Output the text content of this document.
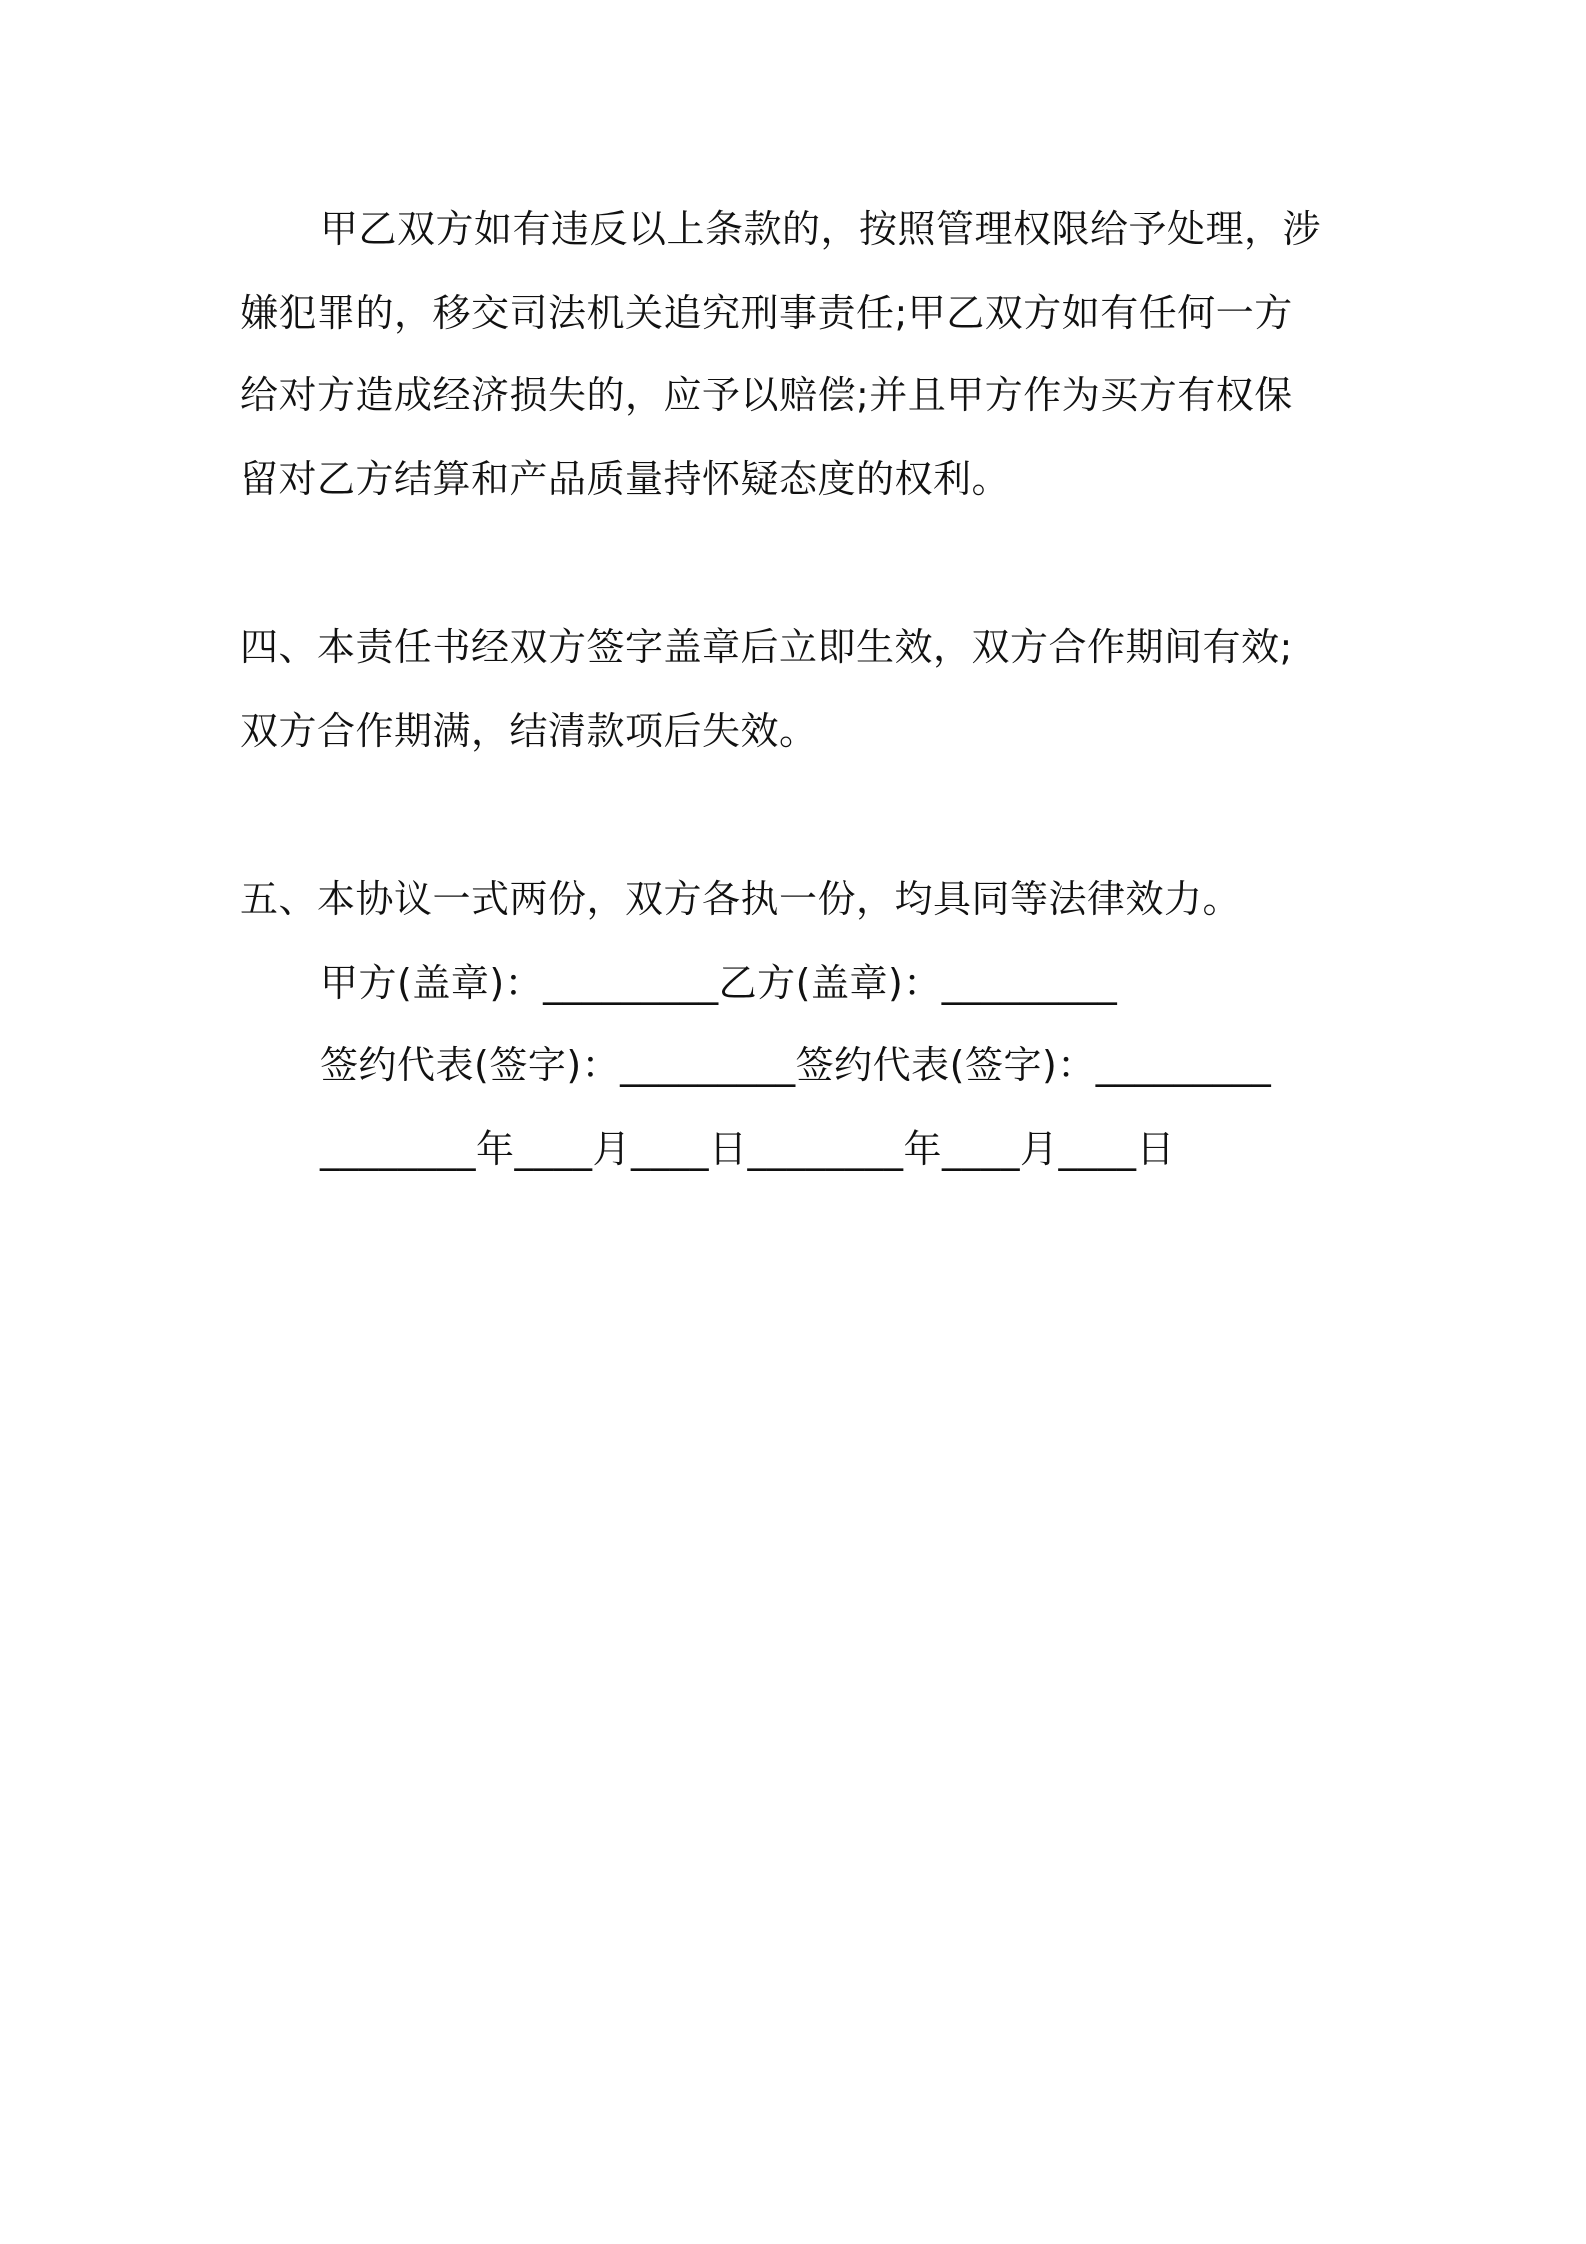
甲乙双方如有违反以上条款的，按照管理权限给予处理，涉
嫌犯罪的，移交司法机关追究刑事责任;甲乙双方如有任何一方
给对方造成经济损失的，应予以赔偿;并且甲方作为买方有权保
留对乙方结算和产品质量持怀疑态度的权利。
四、本责任书经双方签字盖章后立即生效，双方合作期间有效;
双方合作期满，结清款项后失效。
五、本协议一式两份，双方各执一份，均具同等法律效力。
甲方(盖章)：_________乙方(盖章)：_________
签约代表(签字)：_________签约代表(签字)：_________
________年____月____日________年____月____日
